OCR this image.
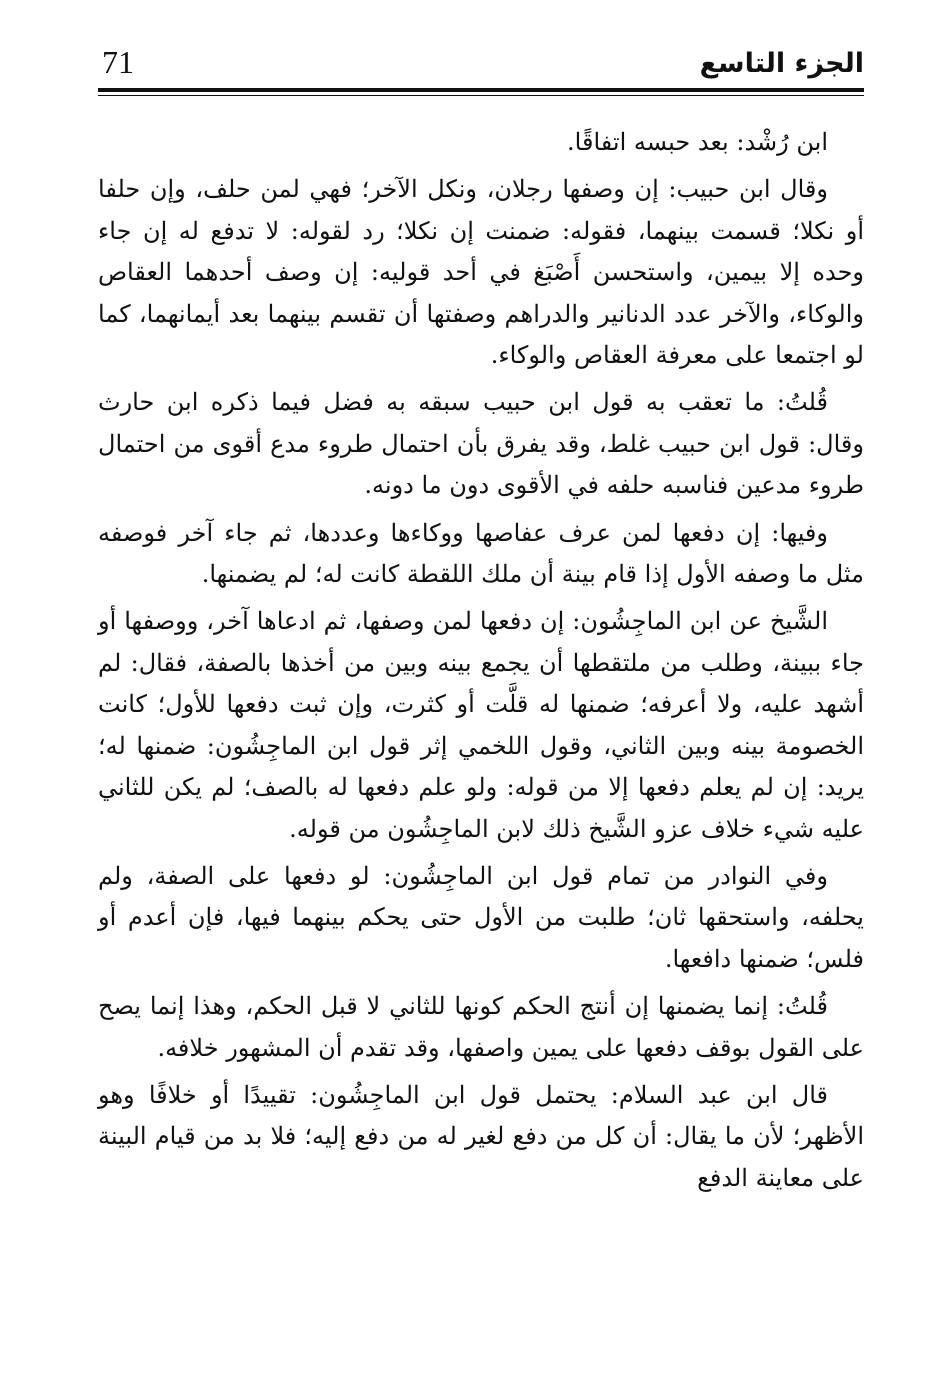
الجزء التاسع
71

ابن رُشْد: بعد حبسه اتفاقًا.

وقال ابن حبيب: إن وصفها رجلان، ونكل الآخر؛ فهي لمن حلف، وإن حلفا أو نكلا؛ قسمت بينهما، فقوله: ضمنت إن نكلا؛ رد لقوله: لا تدفع له إن جاء وحده إلا بيمين، واستحسن أَصْبَغ في أحد قوليه: إن وصف أحدهما العقاص والوكاء، والآخر عدد الدنانير والدراهم وصفتها أن تقسم بينهما بعد أيمانهما، كما لو اجتمعا على معرفة العقاص والوكاء.

قُلتُ: ما تعقب به قول ابن حبيب سبقه به فضل فيما ذكره ابن حارث وقال: قول ابن حبيب غلط، وقد يفرق بأن احتمال طروء مدع أقوى من احتمال طروء مدعين فناسبه حلفه في الأقوى دون ما دونه.

وفيها: إن دفعها لمن عرف عفاصها ووكاءها وعددها، ثم جاء آخر فوصفه مثل ما وصفه الأول إذا قام بينة أن ملك اللقطة كانت له؛ لم يضمنها.

الشَّيخ عن ابن الماجِشُون: إن دفعها لمن وصفها، ثم ادعاها آخر، ووصفها أو جاء ببينة، وطلب من ملتقطها أن يجمع بينه وبين من أخذها بالصفة، فقال: لم أشهد عليه، ولا أعرفه؛ ضمنها له قلَّت أو كثرت، وإن ثبت دفعها للأول؛ كانت الخصومة بينه وبين الثاني، وقول اللخمي إثر قول ابن الماجِشُون: ضمنها له؛ يريد: إن لم يعلم دفعها إلا من قوله: ولو علم دفعها له بالصف؛ لم يكن للثاني عليه شيء خلاف عزو الشَّيخ ذلك لابن الماجِشُون من قوله.

وفي النوادر من تمام قول ابن الماجِشُون: لو دفعها على الصفة، ولم يحلفه، واستحقها ثان؛ طلبت من الأول حتى يحكم بينهما فيها، فإن أعدم أو فلس؛ ضمنها دافعها.

قُلتُ: إنما يضمنها إن أنتج الحكم كونها للثاني لا قبل الحكم، وهذا إنما يصح على القول بوقف دفعها على يمين واصفها، وقد تقدم أن المشهور خلافه.

قال ابن عبد السلام: يحتمل قول ابن الماجِشُون: تقييدًا أو خلافًا وهو الأظهر؛ لأن ما يقال: أن كل من دفع لغير له من دفع إليه؛ فلا بد من قيام البينة على معاينة الدفع
